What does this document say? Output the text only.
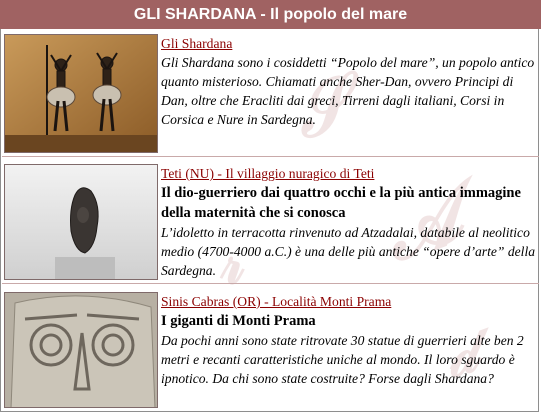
𝒮
𝒜
𝓇
𝒹
GLI SHARDANA - Il popolo del mare
Gli Shardana
Gli Shardana sono i cosiddetti “Popolo del mare”, un popolo antico quanto misterioso. Chiamati anche Sher-Dan, ovvero Principi di Dan, oltre che Eracliti dai greci, Tirreni dagli italiani, Corsi in Corsica e Nure in Sardegna.
Teti (NU) - Il villaggio nuragico di Teti
Il dio-guerriero dai quattro occhi e la più antica immagine della maternità che si conosca
L’idoletto in terracotta rinvenuto ad Atzadalai, databile al neolitico medio (4700-4000 a.C.) è una delle più antiche “opere d’arte” della Sardegna.
Sinis Cabras (OR) - Località Monti Prama
I giganti di Monti Prama
Da pochi anni sono state ritrovate 30 statue di guerrieri alte ben 2 metri e recanti caratteristiche uniche al mondo. Il loro sguardo è ipnotico. Da chi sono state costruite? Forse dagli Shardana?
